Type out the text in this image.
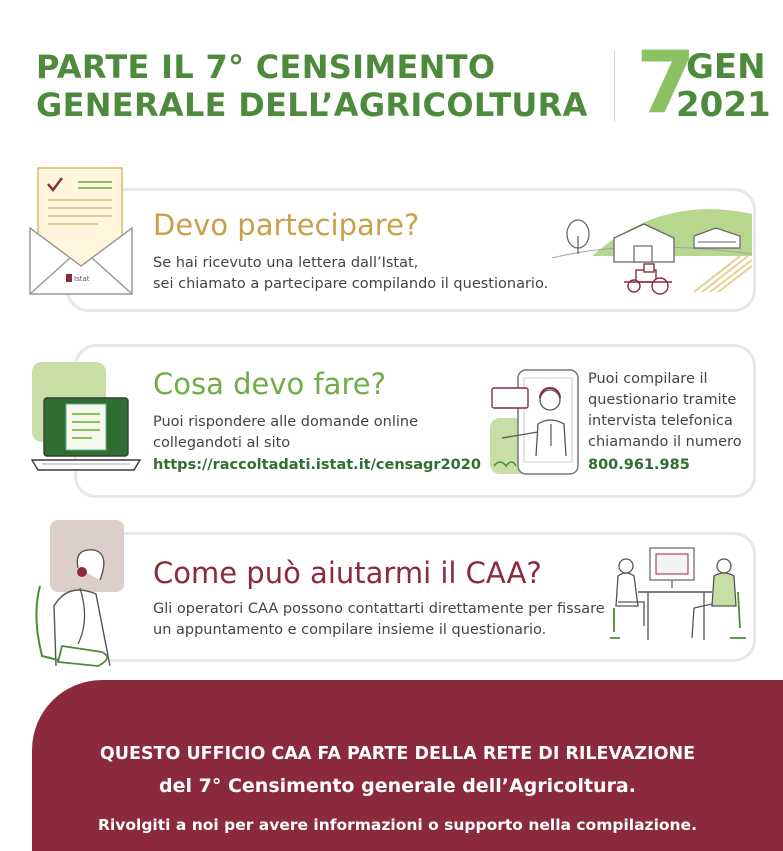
PARTE IL 7° CENSIMENTO
GENERALE DELL’AGRICOLTURA 7
GEN
2021
Istat
Devo partecipare?
Se hai ricevuto una lettera dall’Istat,
sei chiamato a partecipare compilando il questionario.
Cosa devo fare?
Puoi rispondere alle domande online
collegandoti al sito
https://raccoltadati.istat.it/censagr2020
Puoi compilare il
questionario tramite
intervista telefonica
chiamando il numero
800.961.985
Come può aiutarmi il CAA?
Gli operatori CAA possono contattarti direttamente per fissare
un appuntamento e compilare insieme il questionario.
QUESTO UFFICIO CAA FA PARTE DELLA RETE DI RILEVAZIONE
del 7° Censimento generale dell’Agricoltura.
Rivolgiti a noi per avere informazioni o supporto nella compilazione.
